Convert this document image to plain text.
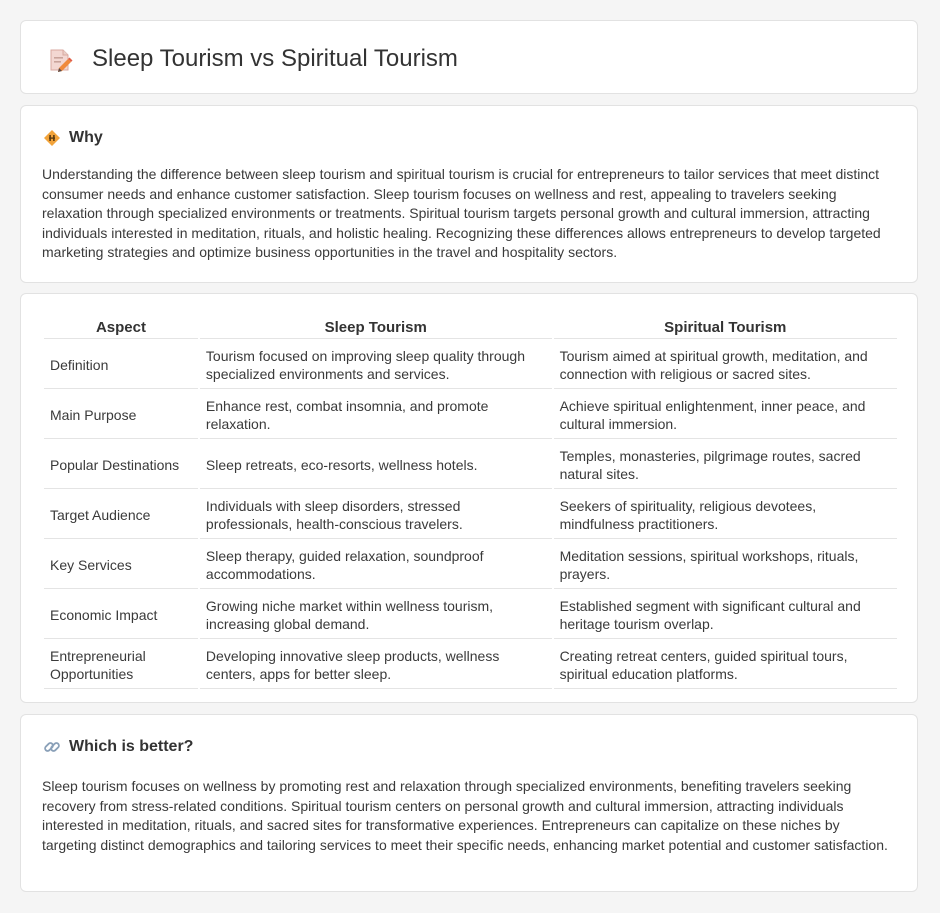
Sleep Tourism vs Spiritual Tourism
Why

Understanding the difference between sleep tourism and spiritual tourism is crucial for entrepreneurs to tailor services that meet distinct consumer needs and enhance customer satisfaction. Sleep tourism focuses on wellness and rest, appealing to travelers seeking relaxation through specialized environments or treatments. Spiritual tourism targets personal growth and cultural immersion, attracting individuals interested in meditation, rituals, and holistic healing. Recognizing these differences allows entrepreneurs to develop targeted marketing strategies and optimize business opportunities in the travel and hospitality sectors.

Aspect	Sleep Tourism	Spiritual Tourism
Definition	Tourism focused on improving sleep quality through specialized environments and services.	Tourism aimed at spiritual growth, meditation, and connection with religious or sacred sites.
Main Purpose	Enhance rest, combat insomnia, and promote relaxation.	Achieve spiritual enlightenment, inner peace, and cultural immersion.
Popular Destinations	Sleep retreats, eco-resorts, wellness hotels.	Temples, monasteries, pilgrimage routes, sacred natural sites.
Target Audience	Individuals with sleep disorders, stressed professionals, health-conscious travelers.	Seekers of spirituality, religious devotees, mindfulness practitioners.
Key Services	Sleep therapy, guided relaxation, soundproof accommodations.	Meditation sessions, spiritual workshops, rituals, prayers.
Economic Impact	Growing niche market within wellness tourism, increasing global demand.	Established segment with significant cultural and heritage tourism overlap.
Entrepreneurial Opportunities	Developing innovative sleep products, wellness centers, apps for better sleep.	Creating retreat centers, guided spiritual tours, spiritual education platforms.
Which is better?

Sleep tourism focuses on wellness by promoting rest and relaxation through specialized environments, benefiting travelers seeking recovery from stress-related conditions. Spiritual tourism centers on personal growth and cultural immersion, attracting individuals interested in meditation, rituals, and sacred sites for transformative experiences. Entrepreneurs can capitalize on these niches by targeting distinct demographics and tailoring services to meet their specific needs, enhancing market potential and customer satisfaction.
